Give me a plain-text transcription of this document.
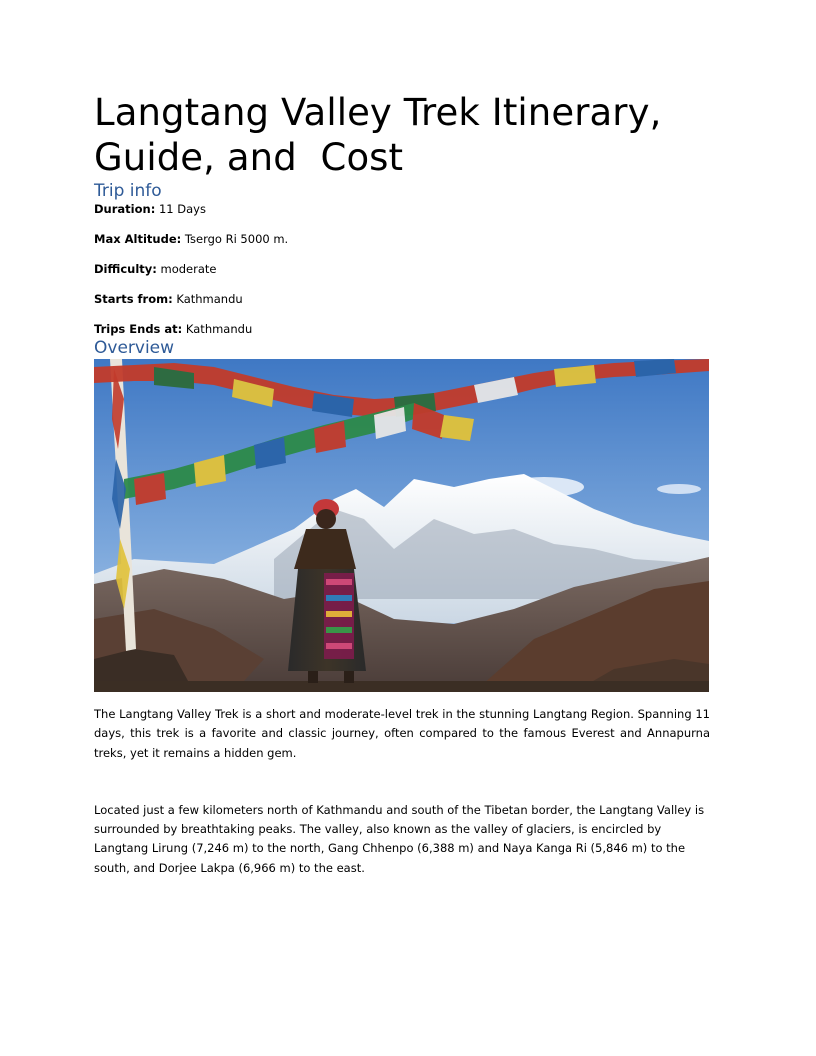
Langtang Valley Trek Itinerary, Guide, and  Cost
Trip info

Duration: 11 Days

Max Altitude: Tsergo Ri 5000 m.

Difficulty: moderate

Starts from: Kathmandu

Trips Ends at: Kathmandu

Overview

The Langtang Valley Trek is a short and moderate-level trek in the stunning Langtang Region. Spanning 11 days, this trek is a favorite and classic journey, often compared to the famous Everest and Annapurna treks, yet it remains a hidden gem.

Located just a few kilometers north of Kathmandu and south of the Tibetan border, the Langtang Valley is surrounded by breathtaking peaks. The valley, also known as the valley of glaciers, is encircled by Langtang Lirung (7,246 m) to the north, Gang Chhenpo (6,388 m) and Naya Kanga Ri (5,846 m) to the south, and Dorjee Lakpa (6,966 m) to the east.
